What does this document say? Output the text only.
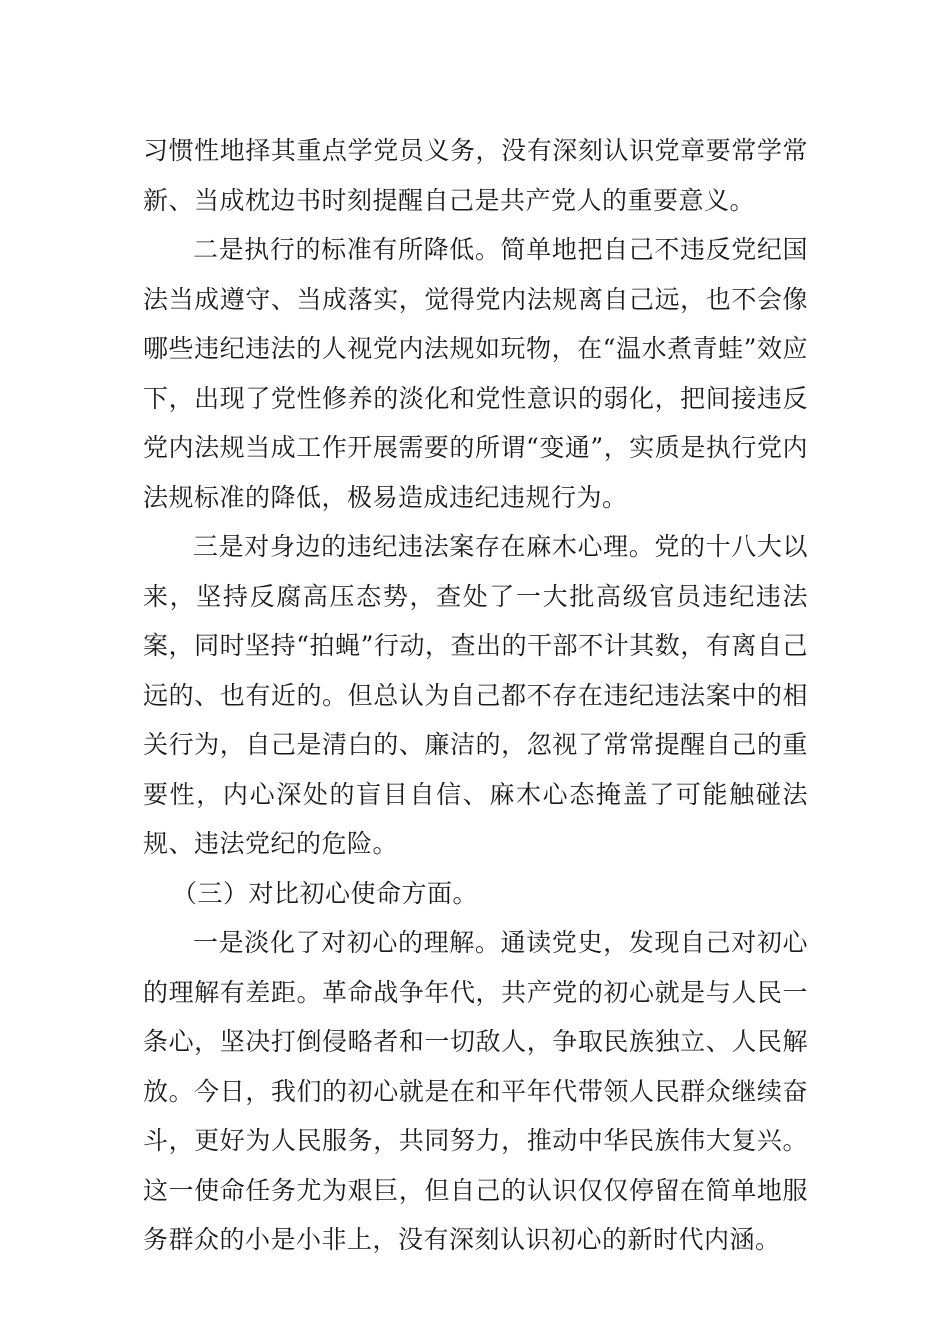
习惯性地择其重点学党员义务，没有深刻认识党章要常学常新、当成枕边书时刻提醒自己是共产党人的重要意义。

二是执行的标准有所降低。简单地把自己不违反党纪国法当成遵守、当成落实，觉得党内法规离自己远，也不会像哪些违纪违法的人视党内法规如玩物，在“温水煮青蛙”效应下，出现了党性修养的淡化和党性意识的弱化，把间接违反党内法规当成工作开展需要的所谓“变通”，实质是执行党内法规标准的降低，极易造成违纪违规行为。

三是对身边的违纪违法案存在麻木心理。党的十八大以来，坚持反腐高压态势，查处了一大批高级官员违纪违法案，同时坚持“拍蝇”行动，查出的干部不计其数，有离自己远的、也有近的。但总认为自己都不存在违纪违法案中的相关行为，自己是清白的、廉洁的，忽视了常常提醒自己的重要性，内心深处的盲目自信、麻木心态掩盖了可能触碰法规、违法党纪的危险。

（三）对比初心使命方面。

一是淡化了对初心的理解。通读党史，发现自己对初心的理解有差距。革命战争年代，共产党的初心就是与人民一条心，坚决打倒侵略者和一切敌人，争取民族独立、人民解放。今日，我们的初心就是在和平年代带领人民群众继续奋斗，更好为人民服务，共同努力，推动中华民族伟大复兴。这一使命任务尤为艰巨，但自己的认识仅仅停留在简单地服务群众的小是小非上，没有深刻认识初心的新时代内涵。
